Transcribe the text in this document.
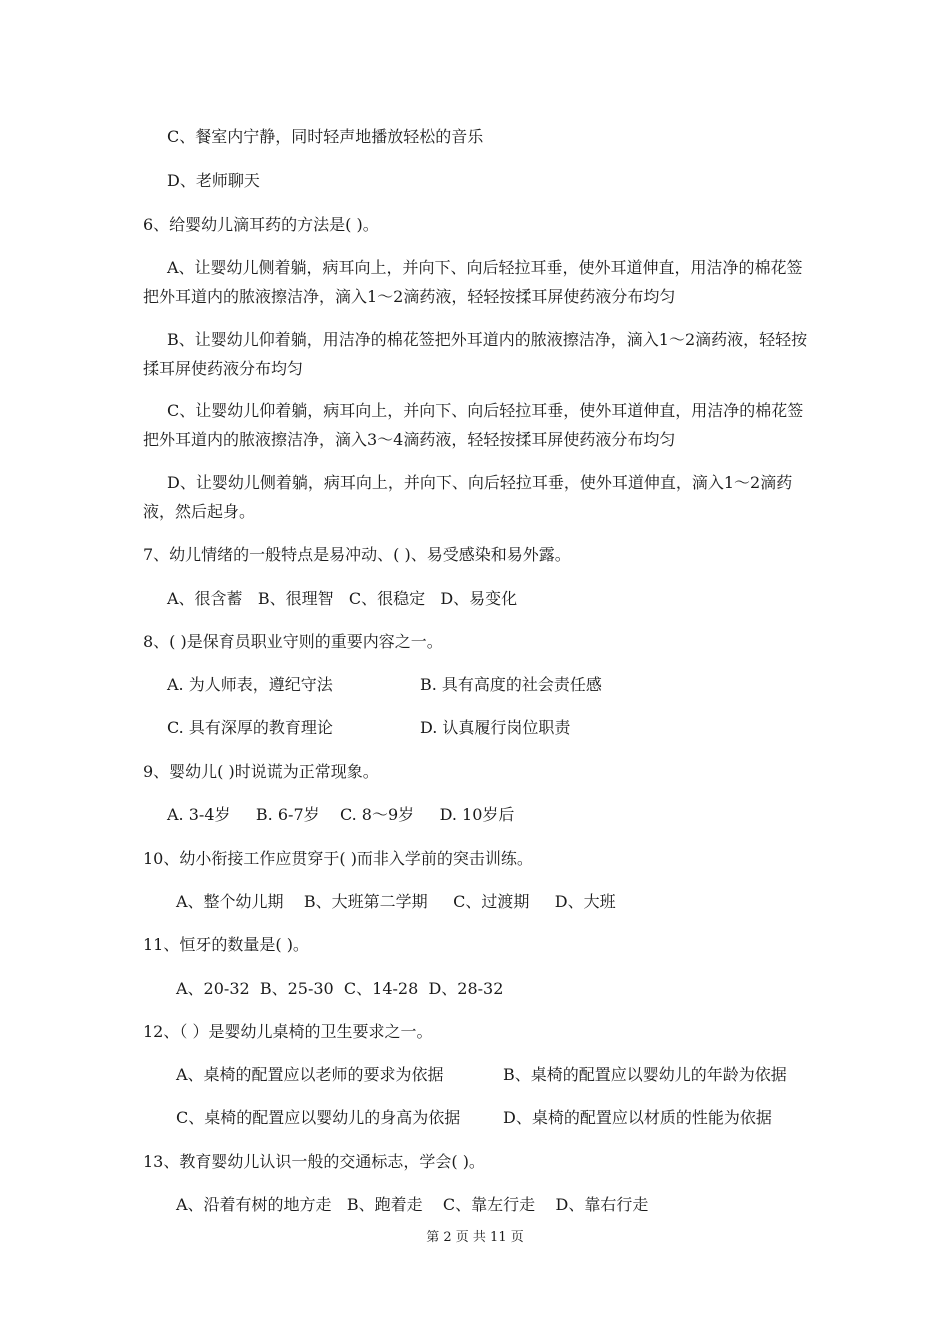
C、餐室内宁静，同时轻声地播放轻松的音乐
D、老师聊天
6、给婴幼儿滴耳药的方法是( )。
A、让婴幼儿侧着躺，病耳向上，并向下、向后轻拉耳垂，使外耳道伸直，用洁净的棉花签把外耳道内的脓液擦洁净，滴入1～2滴药液，轻轻按揉耳屏使药液分布均匀
B、让婴幼儿仰着躺，用洁净的棉花签把外耳道内的脓液擦洁净，滴入1～2滴药液，轻轻按揉耳屏使药液分布均匀
C、让婴幼儿仰着躺，病耳向上，并向下、向后轻拉耳垂，使外耳道伸直，用洁净的棉花签把外耳道内的脓液擦洁净，滴入3～4滴药液，轻轻按揉耳屏使药液分布均匀
D、让婴幼儿侧着躺，病耳向上，并向下、向后轻拉耳垂，使外耳道伸直，滴入1～2滴药液，然后起身。
7、幼儿情绪的一般特点是易冲动、( )、易受感染和易外露。
A、很含蓄   B、很理智   C、很稳定   D、易变化
8、( )是保育员职业守则的重要内容之一。
A. 为人师表，遵纪守法	B. 具有高度的社会责任感
C. 具有深厚的教育理论	D. 认真履行岗位职责
9、婴幼儿( )时说谎为正常现象。
A. 3-4岁     B. 6-7岁    C. 8～9岁     D. 10岁后
10、幼小衔接工作应贯穿于( )而非入学前的突击训练。
A、整个幼儿期    B、大班第二学期     C、过渡期     D、大班
11、恒牙的数量是( )。
A、20-32  B、25-30  C、14-28  D、28-32
12、（ ）是婴幼儿桌椅的卫生要求之一。
A、桌椅的配置应以老师的要求为依据	B、桌椅的配置应以婴幼儿的年龄为依据
C、桌椅的配置应以婴幼儿的身高为依据	D、桌椅的配置应以材质的性能为依据
13、教育婴幼儿认识一般的交通标志，学会( )。
A、沿着有树的地方走   B、跑着走    C、靠左行走    D、靠右行走
第 2 页 共 11 页
